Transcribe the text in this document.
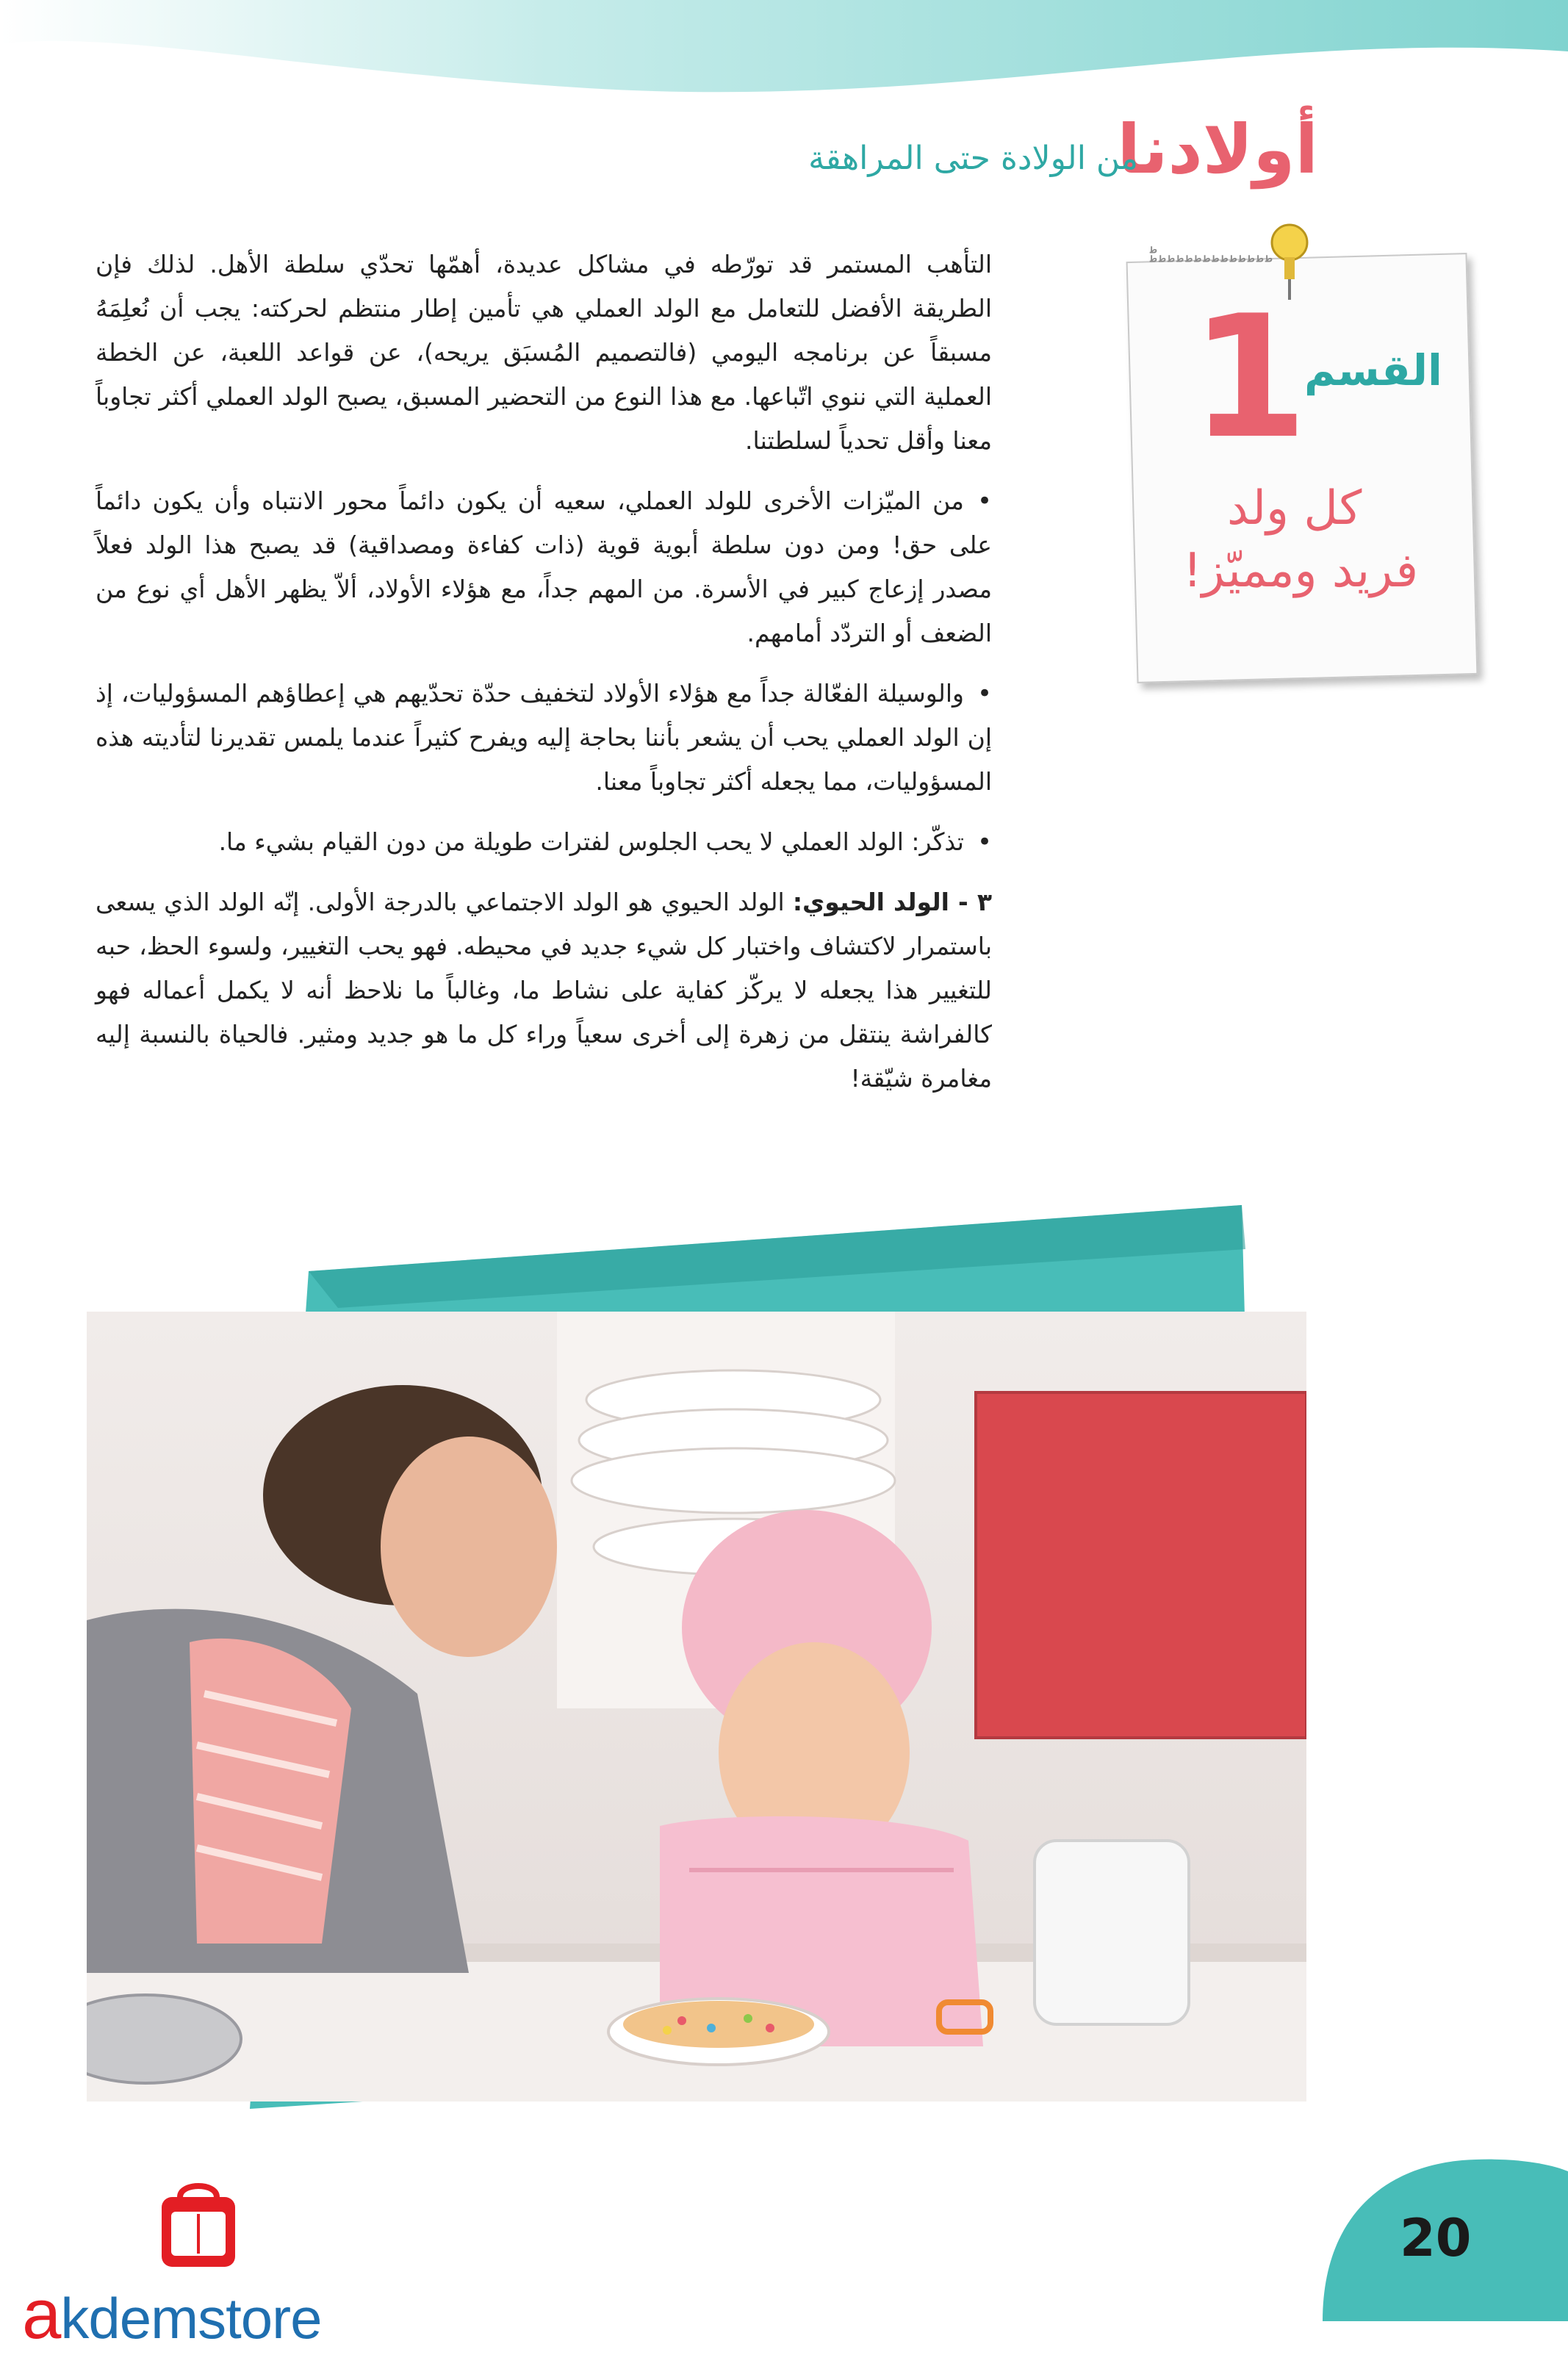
أولادنا
من الولادة حتى المراهقة
ؕ ؕ ؕ ؕ ؕ ؕ ؕ ؕ ؕ ؕ ؕ ؕ ؕ ؕ ؕ
القسم
1
كل ولد
فريد ومميّز!

التأهب المستمر قد تورّطه في مشاكل عديدة، أهمّها تحدّي سلطة الأهل. لذلك فإن الطريقة الأفضل للتعامل مع الولد العملي هي تأمين إطار منتظم لحركته: يجب أن نُعلِمَهُ مسبقاً عن برنامجه اليومي (فالتصميم المُسبَق يريحه)، عن قواعد اللعبة، عن الخطة العملية التي ننوي اتّباعها. مع هذا النوع من التحضير المسبق، يصبح الولد العملي أكثر تجاوباً معنا وأقل تحدياً لسلطتنا.

• من الميّزات الأخرى للولد العملي، سعيه أن يكون دائماً محور الانتباه وأن يكون دائماً على حق! ومن دون سلطة أبوية قوية (ذات كفاءة ومصداقية) قد يصبح هذا الولد فعلاً مصدر إزعاج كبير في الأسرة. من المهم جداً، مع هؤلاء الأولاد، ألاّ يظهر الأهل أي نوع من الضعف أو التردّد أمامهم.

• والوسيلة الفعّالة جداً مع هؤلاء الأولاد لتخفيف حدّة تحدّيهم هي إعطاؤهم المسؤوليات، إذ إن الولد العملي يحب أن يشعر بأننا بحاجة إليه ويفرح كثيراً عندما يلمس تقديرنا لتأديته هذه المسؤوليات، مما يجعله أكثر تجاوباً معنا.

• تذكّر: الولد العملي لا يحب الجلوس لفترات طويلة من دون القيام بشيء ما.

٣ - الولد الحيوي: الولد الحيوي هو الولد الاجتماعي بالدرجة الأولى. إنّه الولد الذي يسعى باستمرار لاكتشاف واختبار كل شيء جديد في محيطه. فهو يحب التغيير، ولسوء الحظ، حبه للتغيير هذا يجعله لا يركّز كفاية على نشاط ما، وغالباً ما نلاحظ أنه لا يكمل أعماله فهو كالفراشة ينتقل من زهرة إلى أخرى سعياً وراء كل ما هو جديد ومثير. فالحياة بالنسبة إليه مغامرة شيّقة!

20
akdemstore
